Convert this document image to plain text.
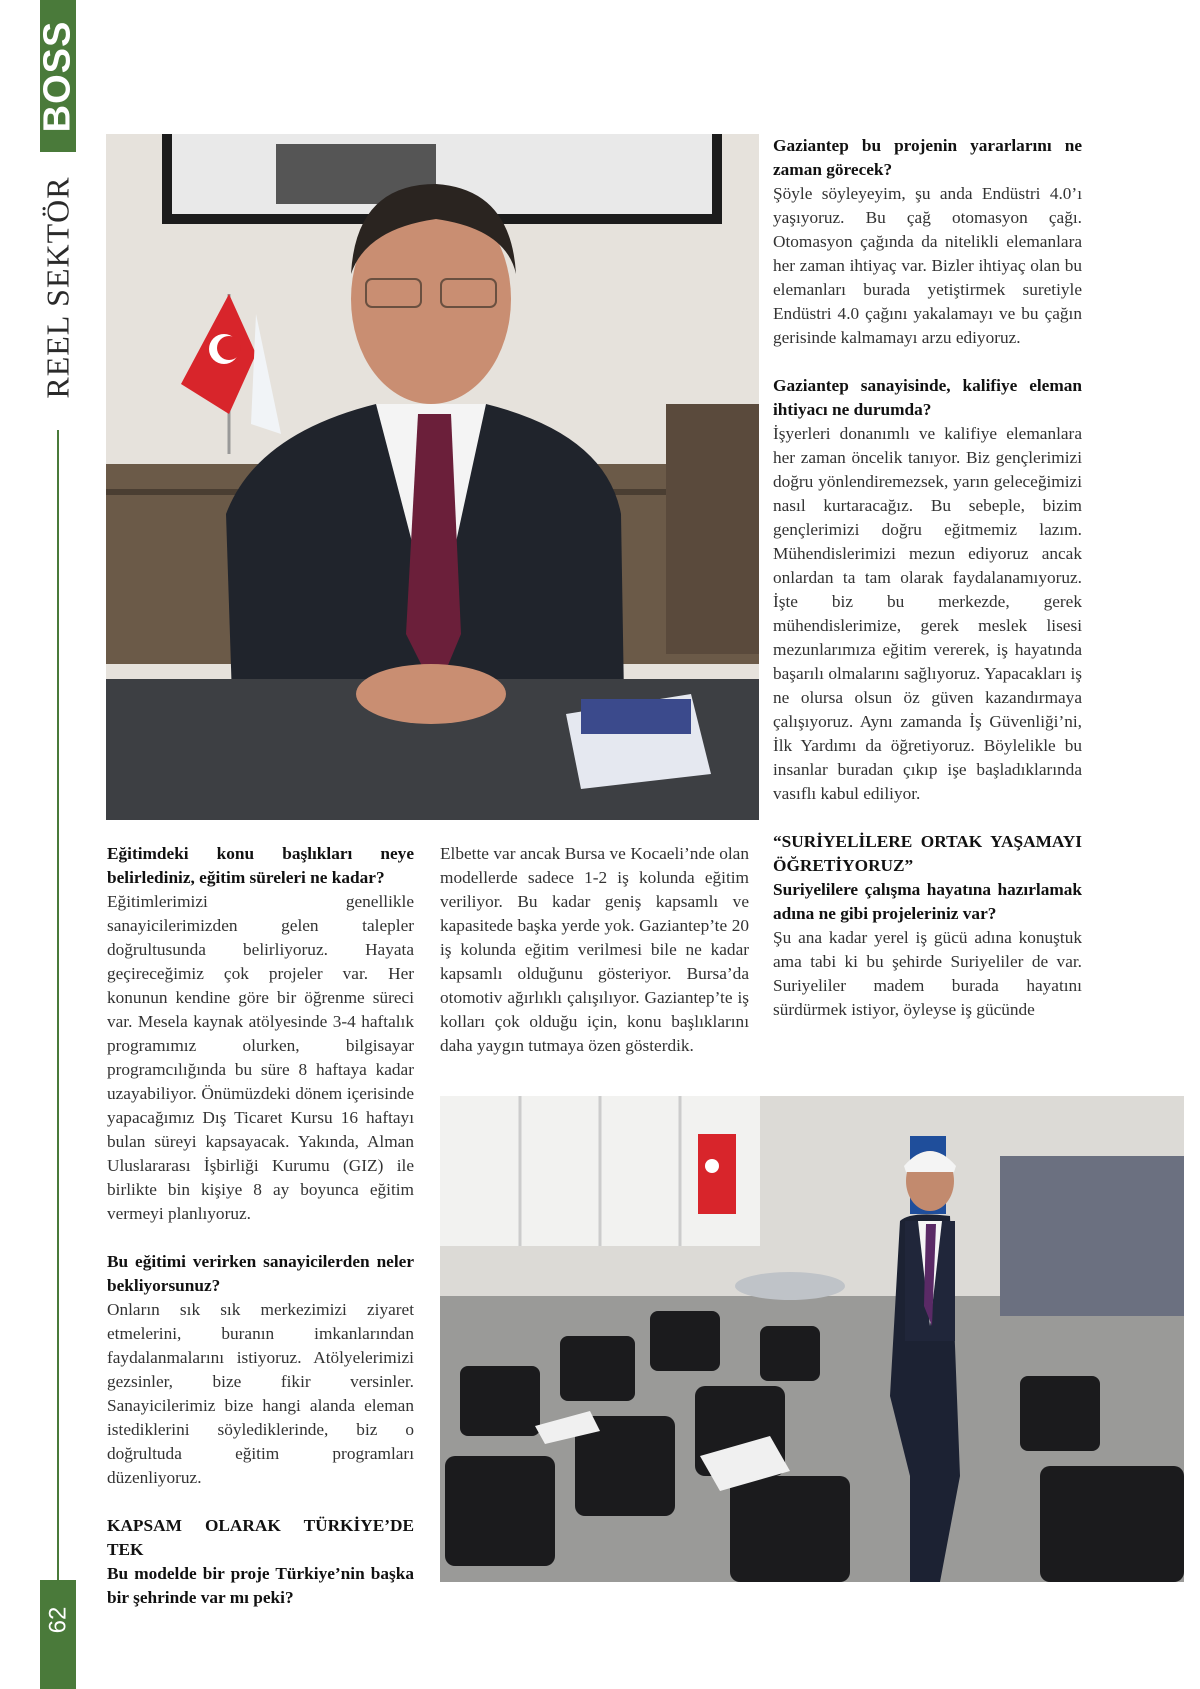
BOSS
REEL SEKTÖR
62

Gaziantep bu projenin yararlarını ne zaman görecek?

Şöyle söyleyeyim, şu anda Endüstri 4.0’ı yaşıyoruz. Bu çağ otomasyon çağı. Otomasyon çağında da nitelikli elemanlara her zaman ihtiyaç var. Bizler ihtiyaç olan bu elemanları burada yetiştirmek suretiyle Endüstri 4.0 çağını yakalamayı ve bu çağın gerisinde kalmamayı arzu ediyoruz.

Gaziantep sanayisinde, kalifiye eleman ihtiyacı ne durumda?

İşyerleri donanımlı ve kalifiye elemanlara her zaman öncelik tanıyor. Biz gençlerimizi doğru yönlendiremezsek, yarın geleceğimizi nasıl kurtaracağız. Bu sebeple, bizim gençlerimizi doğru eğitmemiz lazım. Mühendislerimizi mezun ediyoruz ancak onlardan ta tam olarak faydalanamıyoruz. İşte biz bu merkezde, gerek mühendislerimize, gerek meslek lisesi mezunlarımıza eğitim vererek, iş hayatında başarılı olmalarını sağlıyoruz. Yapacakları iş ne olursa olsun öz güven kazandırmaya çalışıyoruz. Aynı zamanda İş Güvenliği’ni, İlk Yardımı da öğretiyoruz. Böylelikle bu insanlar buradan çıkıp işe başladıklarında vasıflı kabul ediliyor.

“SURİYELİLERE ORTAK YAŞAMAYI ÖĞRETİYORUZ”

Suriyelilere çalışma hayatına hazırlamak adına ne gibi projeleriniz var?

Şu ana kadar yerel iş gücü adına konuştuk ama tabi ki bu şehirde Suriyeliler de var. Suriyeliler madem burada hayatını sürdürmek istiyor, öyleyse iş gücünde

Eğitimdeki konu başlıkları neye belirlediniz, eğitim süreleri ne kadar?

Eğitimlerimizi genellikle sanayicilerimizden gelen talepler doğrultusunda belirliyoruz. Hayata geçireceğimiz çok projeler var. Her konunun kendine göre bir öğrenme süreci var. Mesela kaynak atölyesinde 3-4 haftalık programımız olurken, bilgisayar programcılığında bu süre 8 haftaya kadar uzayabiliyor. Önümüzdeki dönem içerisinde yapacağımız Dış Ticaret Kursu 16 haftayı bulan süreyi kapsayacak. Yakında, Alman Uluslararası İşbirliği Kurumu (GIZ) ile birlikte bin kişiye 8 ay boyunca eğitim vermeyi planlıyoruz.

Bu eğitimi verirken sanayicilerden neler bekliyorsunuz?

Onların sık sık merkezimizi ziyaret etmelerini, buranın imkanlarından faydalanmalarını istiyoruz. Atölyelerimizi gezsinler, bize fikir versinler. Sanayicilerimiz bize hangi alanda eleman istediklerini söylediklerinde, biz o doğrultuda eğitim programları düzenliyoruz.

KAPSAM OLARAK TÜRKİYE’DE TEK

Bu modelde bir proje Türkiye’nin başka bir şehrinde var mı peki?

Elbette var ancak Bursa ve Kocaeli’nde olan modellerde sadece 1-2 iş kolunda eğitim veriliyor. Bu kadar geniş kapsamlı ve kapasitede başka yerde yok. Gaziantep’te 20 iş kolunda eğitim verilmesi bile ne kadar kapsamlı olduğunu gösteriyor. Bursa’da otomotiv ağırlıklı çalışılıyor. Gaziantep’te iş kolları çok olduğu için, konu başlıklarını daha yaygın tutmaya özen gösterdik.
